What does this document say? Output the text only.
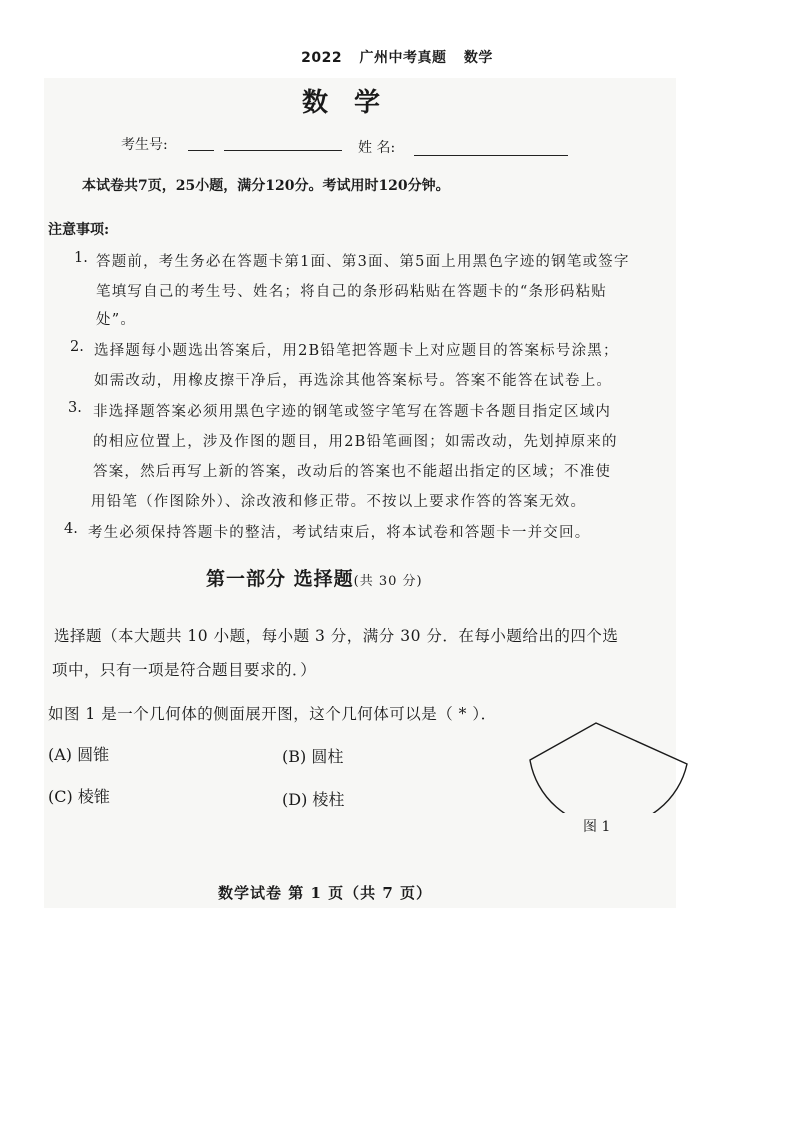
2022 广州中考真题 数学
数学
考生号:	姓 名:
本试卷共7页，25小题，满分120分。考试用时120分钟。
注意事项:
1. 答题前，考生务必在答题卡第1面、第3面、第5面上用黑色字迹的钢笔或签字
笔填写自己的考生号、姓名；将自己的条形码粘贴在答题卡的“条形码粘贴
处”。
2. 选择题每小题选出答案后，用2B铅笔把答题卡上对应题目的答案标号涂黑；
如需改动，用橡皮擦干净后，再选涂其他答案标号。答案不能答在试卷上。
3. 非选择题答案必须用黑色字迹的钢笔或签字笔写在答题卡各题目指定区域内
的相应位置上，涉及作图的题目，用2B铅笔画图；如需改动，先划掉原来的
答案，然后再写上新的答案，改动后的答案也不能超出指定的区域；不准使
用铅笔（作图除外）、涂改液和修正带。不按以上要求作答的答案无效。
4. 考生必须保持答题卡的整洁，考试结束后，将本试卷和答题卡一并交回。
第一部分 选择题(共 30 分)
选择题（本大题共 10 小题，每小题 3 分，满分 30 分．在每小题给出的四个选
项中，只有一项是符合题目要求的．）
如图 1 是一个几何体的侧面展开图，这个几何体可以是（ * ）．
(A) 圆锥	(B) 圆柱
(C) 棱锥	(D) 棱柱
图 1
数学试卷 第 1 页（共 7 页）
